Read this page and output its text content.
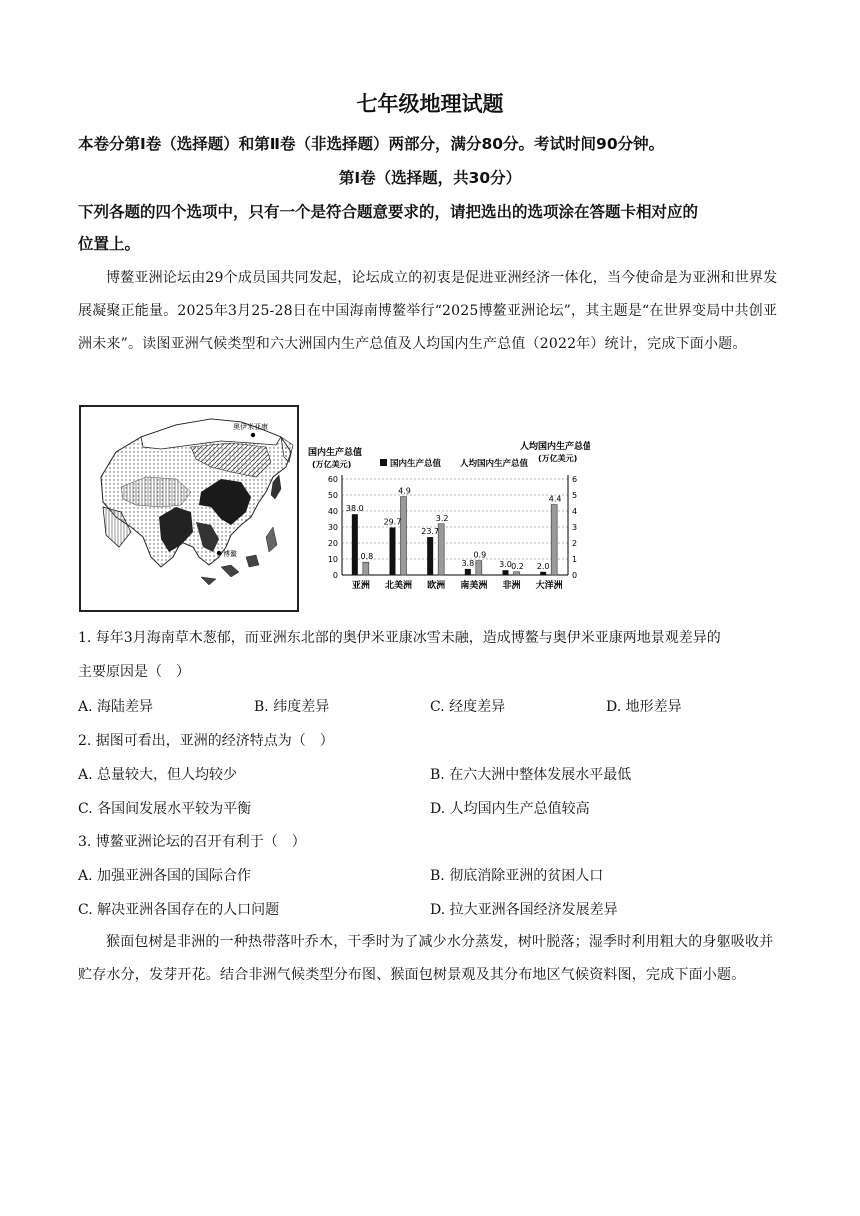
七年级地理试题
本卷分第Ⅰ卷（选择题）和第Ⅱ卷（非选择题）两部分，满分80分。考试时间90分钟。
第Ⅰ卷（选择题，共30分）
下列各题的四个选项中，只有一个是符合题意要求的，请把选出的选项涂在答题卡相对应的
位置上。
博鳌亚洲论坛由29个成员国共同发起，论坛成立的初衷是促进亚洲经济一体化，当今使命是为亚洲和世界发展凝聚正能量。2025年3月25-28日在中国海南博鳌举行“2025博鳌亚洲论坛”，其主题是“在世界变局中共创亚洲未来”。读图亚洲气候类型和六大洲国内生产总值及人均国内生产总值（2022年）统计，完成下面小题。
奥伊米亚康
博鳌
国内生产总值
(万亿美元)
人均国内生产总值
(万亿美元)
国内生产总值 人均国内生产总值
0
10
20
30
40
50
60
0
1
2
3
4
5
6
38.0
0.8
亚洲
29.7
4.9
北美洲
23.7
3.2
欧洲
3.8
0.9
南美洲
3.0 0.2
非洲
2.0
4.4
大洋洲
1. 每年3月海南草木葱郁，而亚洲东北部的奥伊米亚康冰雪未融，造成博鳌与奥伊米亚康两地景观差异的
主要原因是（　）
A. 海陆差异	B. 纬度差异	C. 经度差异	D. 地形差异
2. 据图可看出，亚洲的经济特点为（　）
A. 总量较大，但人均较少	B. 在六大洲中整体发展水平最低
C. 各国间发展水平较为平衡	D. 人均国内生产总值较高
3. 博鳌亚洲论坛的召开有利于（　）
A. 加强亚洲各国的国际合作	B. 彻底消除亚洲的贫困人口
C. 解决亚洲各国存在的人口问题	D. 拉大亚洲各国经济发展差异
猴面包树是非洲的一种热带落叶乔木，干季时为了减少水分蒸发，树叶脱落；湿季时利用粗大的身躯吸收并贮存水分，发芽开花。结合非洲气候类型分布图、猴面包树景观及其分布地区气候资料图，完成下面小题。
